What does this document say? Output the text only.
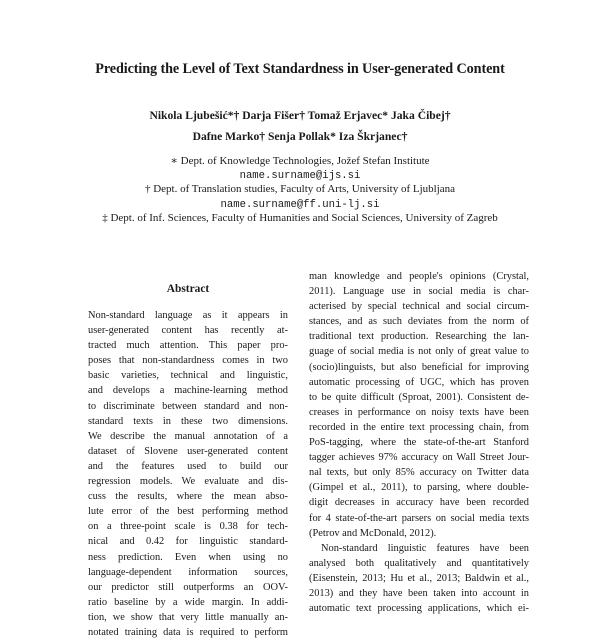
Predicting the Level of Text Standardness in User-generated Content
Nikola Ljubešić*† Darja Fišer† Tomaž Erjavec* Jaka Čibej†
Dafne Marko† Senja Pollak* Iza Škrjanec†
∗ Dept. of Knowledge Technologies, Jožef Stefan Institute
name.surname@ijs.si
† Dept. of Translation studies, Faculty of Arts, University of Ljubljana
name.surname@ff.uni-lj.si
‡ Dept. of Inf. Sciences, Faculty of Humanities and Social Sciences, University of Zagreb
Abstract
Non-standard language as it appears in
user-generated content has recently at-
tracted much attention. This paper pro-
poses that non-standardness comes in two
basic varieties, technical and linguistic,
and develops a machine-learning method
to discriminate between standard and non-
standard texts in these two dimensions.
We describe the manual annotation of a
dataset of Slovene user-generated content
and the features used to build our
regression models. We evaluate and dis-
cuss the results, where the mean abso-
lute error of the best performing method
on a three-point scale is 0.38 for tech-
nical and 0.42 for linguistic standard-
ness prediction. Even when using no
language-dependent information sources,
our predictor still outperforms an OOV-
ratio baseline by a wide margin. In addi-
tion, we show that very little manually an-
notated training data is required to perform
man knowledge and people's opinions (Crystal,
2011). Language use in social media is char-
acterised by special technical and social circum-
stances, and as such deviates from the norm of
traditional text production. Researching the lan-
guage of social media is not only of great value to
(socio)linguists, but also beneficial for improving
automatic processing of UGC, which has proven
to be quite difficult (Sproat, 2001). Consistent de-
creases in performance on noisy texts have been
recorded in the entire text processing chain, from
PoS-tagging, where the state-of-the-art Stanford
tagger achieves 97% accuracy on Wall Street Jour-
nal texts, but only 85% accuracy on Twitter data
(Gimpel et al., 2011), to parsing, where double-
digit decreases in accuracy have been recorded
for 4 state-of-the-art parsers on social media texts
(Petrov and McDonald, 2012).
Non-standard linguistic features have been
analysed both qualitatively and quantitatively
(Eisenstein, 2013; Hu et al., 2013; Baldwin et al.,
2013) and they have been taken into account in
automatic text processing applications, which ei-
